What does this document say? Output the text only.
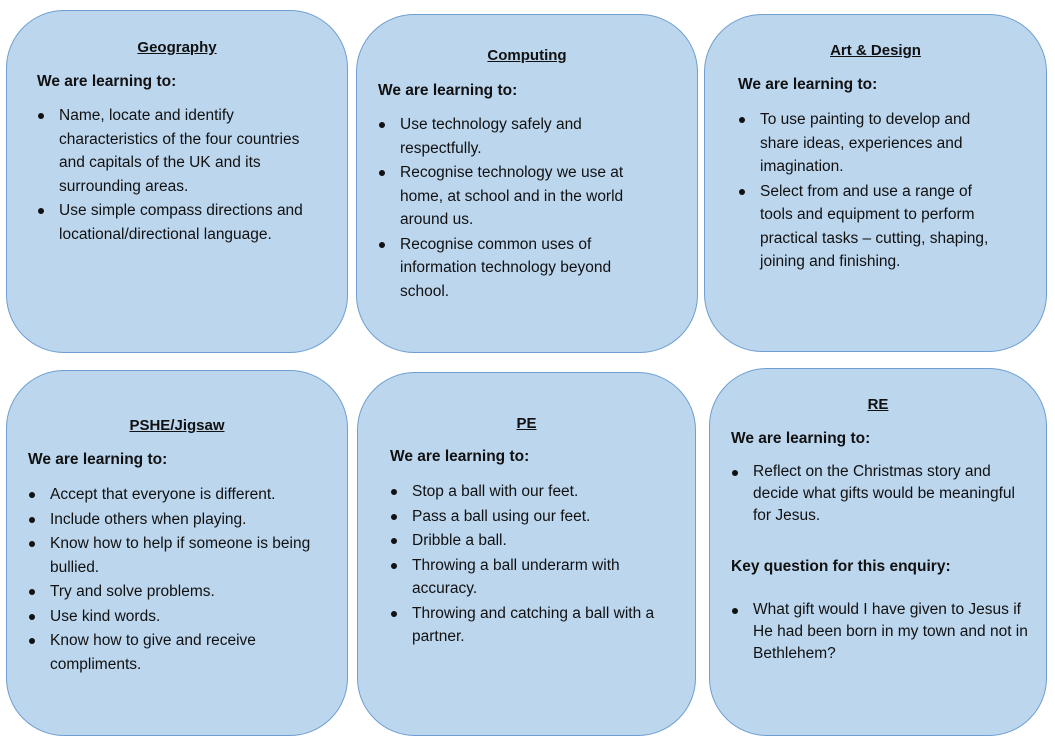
Geography

We are learning to:

Name, locate and identify characteristics of the four countries and capitals of the UK and its surrounding areas.
Use simple compass directions and locational/directional language.
Computing

We are learning to:

Use technology safely and respectfully.
Recognise technology we use at home, at school and in the world around us.
Recognise common uses of information technology beyond school.
Art & Design

We are learning to:

To use painting to develop and share ideas, experiences and imagination.
Select from and use a range of tools and equipment to perform practical tasks – cutting, shaping, joining and finishing.
PSHE/Jigsaw

We are learning to:

Accept that everyone is different.
Include others when playing.
Know how to help if someone is being bullied.
Try and solve problems.
Use kind words.
Know how to give and receive compliments.
PE

We are learning to:

Stop a ball with our feet.
Pass a ball using our feet.
Dribble a ball.
Throwing a ball underarm with accuracy.
Throwing and catching a ball with a partner.
RE

We are learning to:

Reflect on the Christmas story and decide what gifts would be meaningful for Jesus.

Key question for this enquiry:

What gift would I have given to Jesus if He had been born in my town and not in Bethlehem?
